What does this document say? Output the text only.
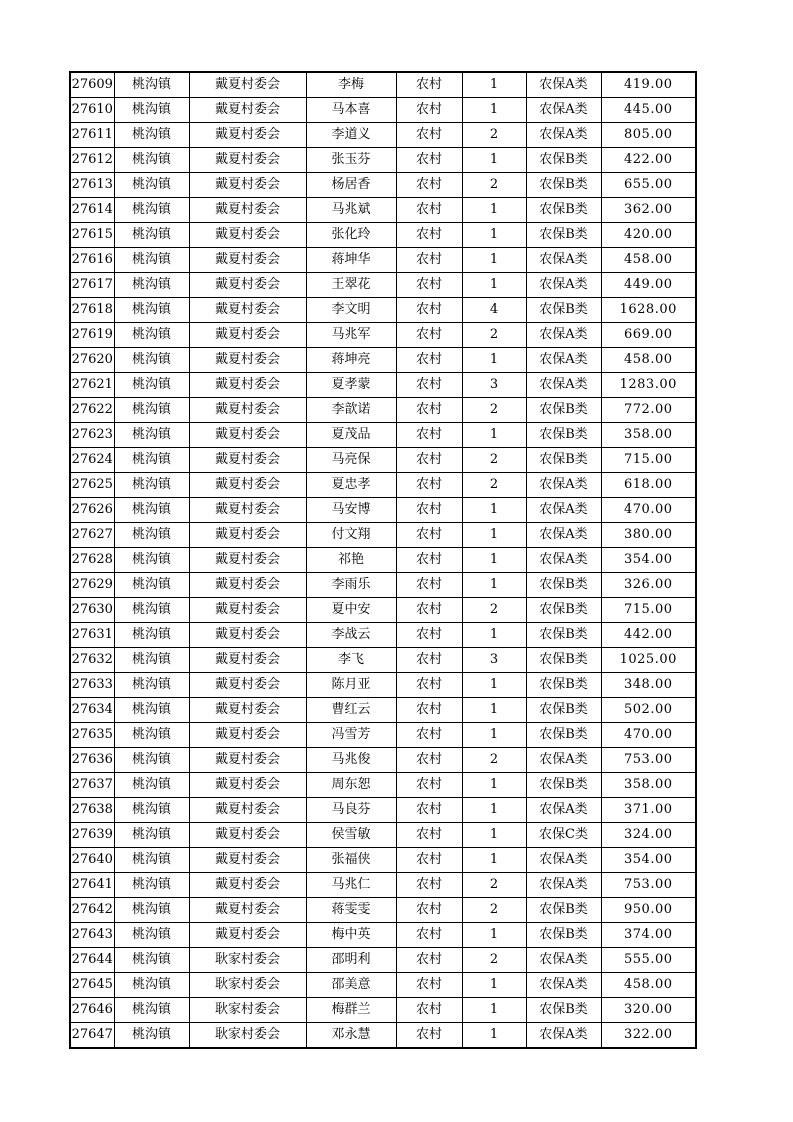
27609	桃沟镇	戴夏村委会	李梅	农村	1	农保A类	419.00
27610	桃沟镇	戴夏村委会	马本喜	农村	1	农保A类	445.00
27611	桃沟镇	戴夏村委会	李道义	农村	2	农保A类	805.00
27612	桃沟镇	戴夏村委会	张玉芬	农村	1	农保B类	422.00
27613	桃沟镇	戴夏村委会	杨居香	农村	2	农保B类	655.00
27614	桃沟镇	戴夏村委会	马兆斌	农村	1	农保B类	362.00
27615	桃沟镇	戴夏村委会	张化玲	农村	1	农保B类	420.00
27616	桃沟镇	戴夏村委会	蒋坤华	农村	1	农保A类	458.00
27617	桃沟镇	戴夏村委会	王翠花	农村	1	农保A类	449.00
27618	桃沟镇	戴夏村委会	李文明	农村	4	农保B类	1628.00
27619	桃沟镇	戴夏村委会	马兆军	农村	2	农保A类	669.00
27620	桃沟镇	戴夏村委会	蒋坤亮	农村	1	农保A类	458.00
27621	桃沟镇	戴夏村委会	夏孝蒙	农村	3	农保A类	1283.00
27622	桃沟镇	戴夏村委会	李歆诺	农村	2	农保B类	772.00
27623	桃沟镇	戴夏村委会	夏茂品	农村	1	农保B类	358.00
27624	桃沟镇	戴夏村委会	马亮保	农村	2	农保B类	715.00
27625	桃沟镇	戴夏村委会	夏忠孝	农村	2	农保A类	618.00
27626	桃沟镇	戴夏村委会	马安博	农村	1	农保A类	470.00
27627	桃沟镇	戴夏村委会	付文翔	农村	1	农保A类	380.00
27628	桃沟镇	戴夏村委会	祁艳	农村	1	农保A类	354.00
27629	桃沟镇	戴夏村委会	李雨乐	农村	1	农保B类	326.00
27630	桃沟镇	戴夏村委会	夏中安	农村	2	农保B类	715.00
27631	桃沟镇	戴夏村委会	李战云	农村	1	农保B类	442.00
27632	桃沟镇	戴夏村委会	李飞	农村	3	农保B类	1025.00
27633	桃沟镇	戴夏村委会	陈月亚	农村	1	农保B类	348.00
27634	桃沟镇	戴夏村委会	曹红云	农村	1	农保B类	502.00
27635	桃沟镇	戴夏村委会	冯雪芳	农村	1	农保B类	470.00
27636	桃沟镇	戴夏村委会	马兆俊	农村	2	农保A类	753.00
27637	桃沟镇	戴夏村委会	周东恕	农村	1	农保B类	358.00
27638	桃沟镇	戴夏村委会	马良芬	农村	1	农保A类	371.00
27639	桃沟镇	戴夏村委会	侯雪敏	农村	1	农保C类	324.00
27640	桃沟镇	戴夏村委会	张福侠	农村	1	农保A类	354.00
27641	桃沟镇	戴夏村委会	马兆仁	农村	2	农保A类	753.00
27642	桃沟镇	戴夏村委会	蒋雯雯	农村	2	农保B类	950.00
27643	桃沟镇	戴夏村委会	梅中英	农村	1	农保B类	374.00
27644	桃沟镇	耿家村委会	邵明利	农村	2	农保A类	555.00
27645	桃沟镇	耿家村委会	邵美意	农村	1	农保A类	458.00
27646	桃沟镇	耿家村委会	梅群兰	农村	1	农保B类	320.00
27647	桃沟镇	耿家村委会	邓永慧	农村	1	农保A类	322.00
